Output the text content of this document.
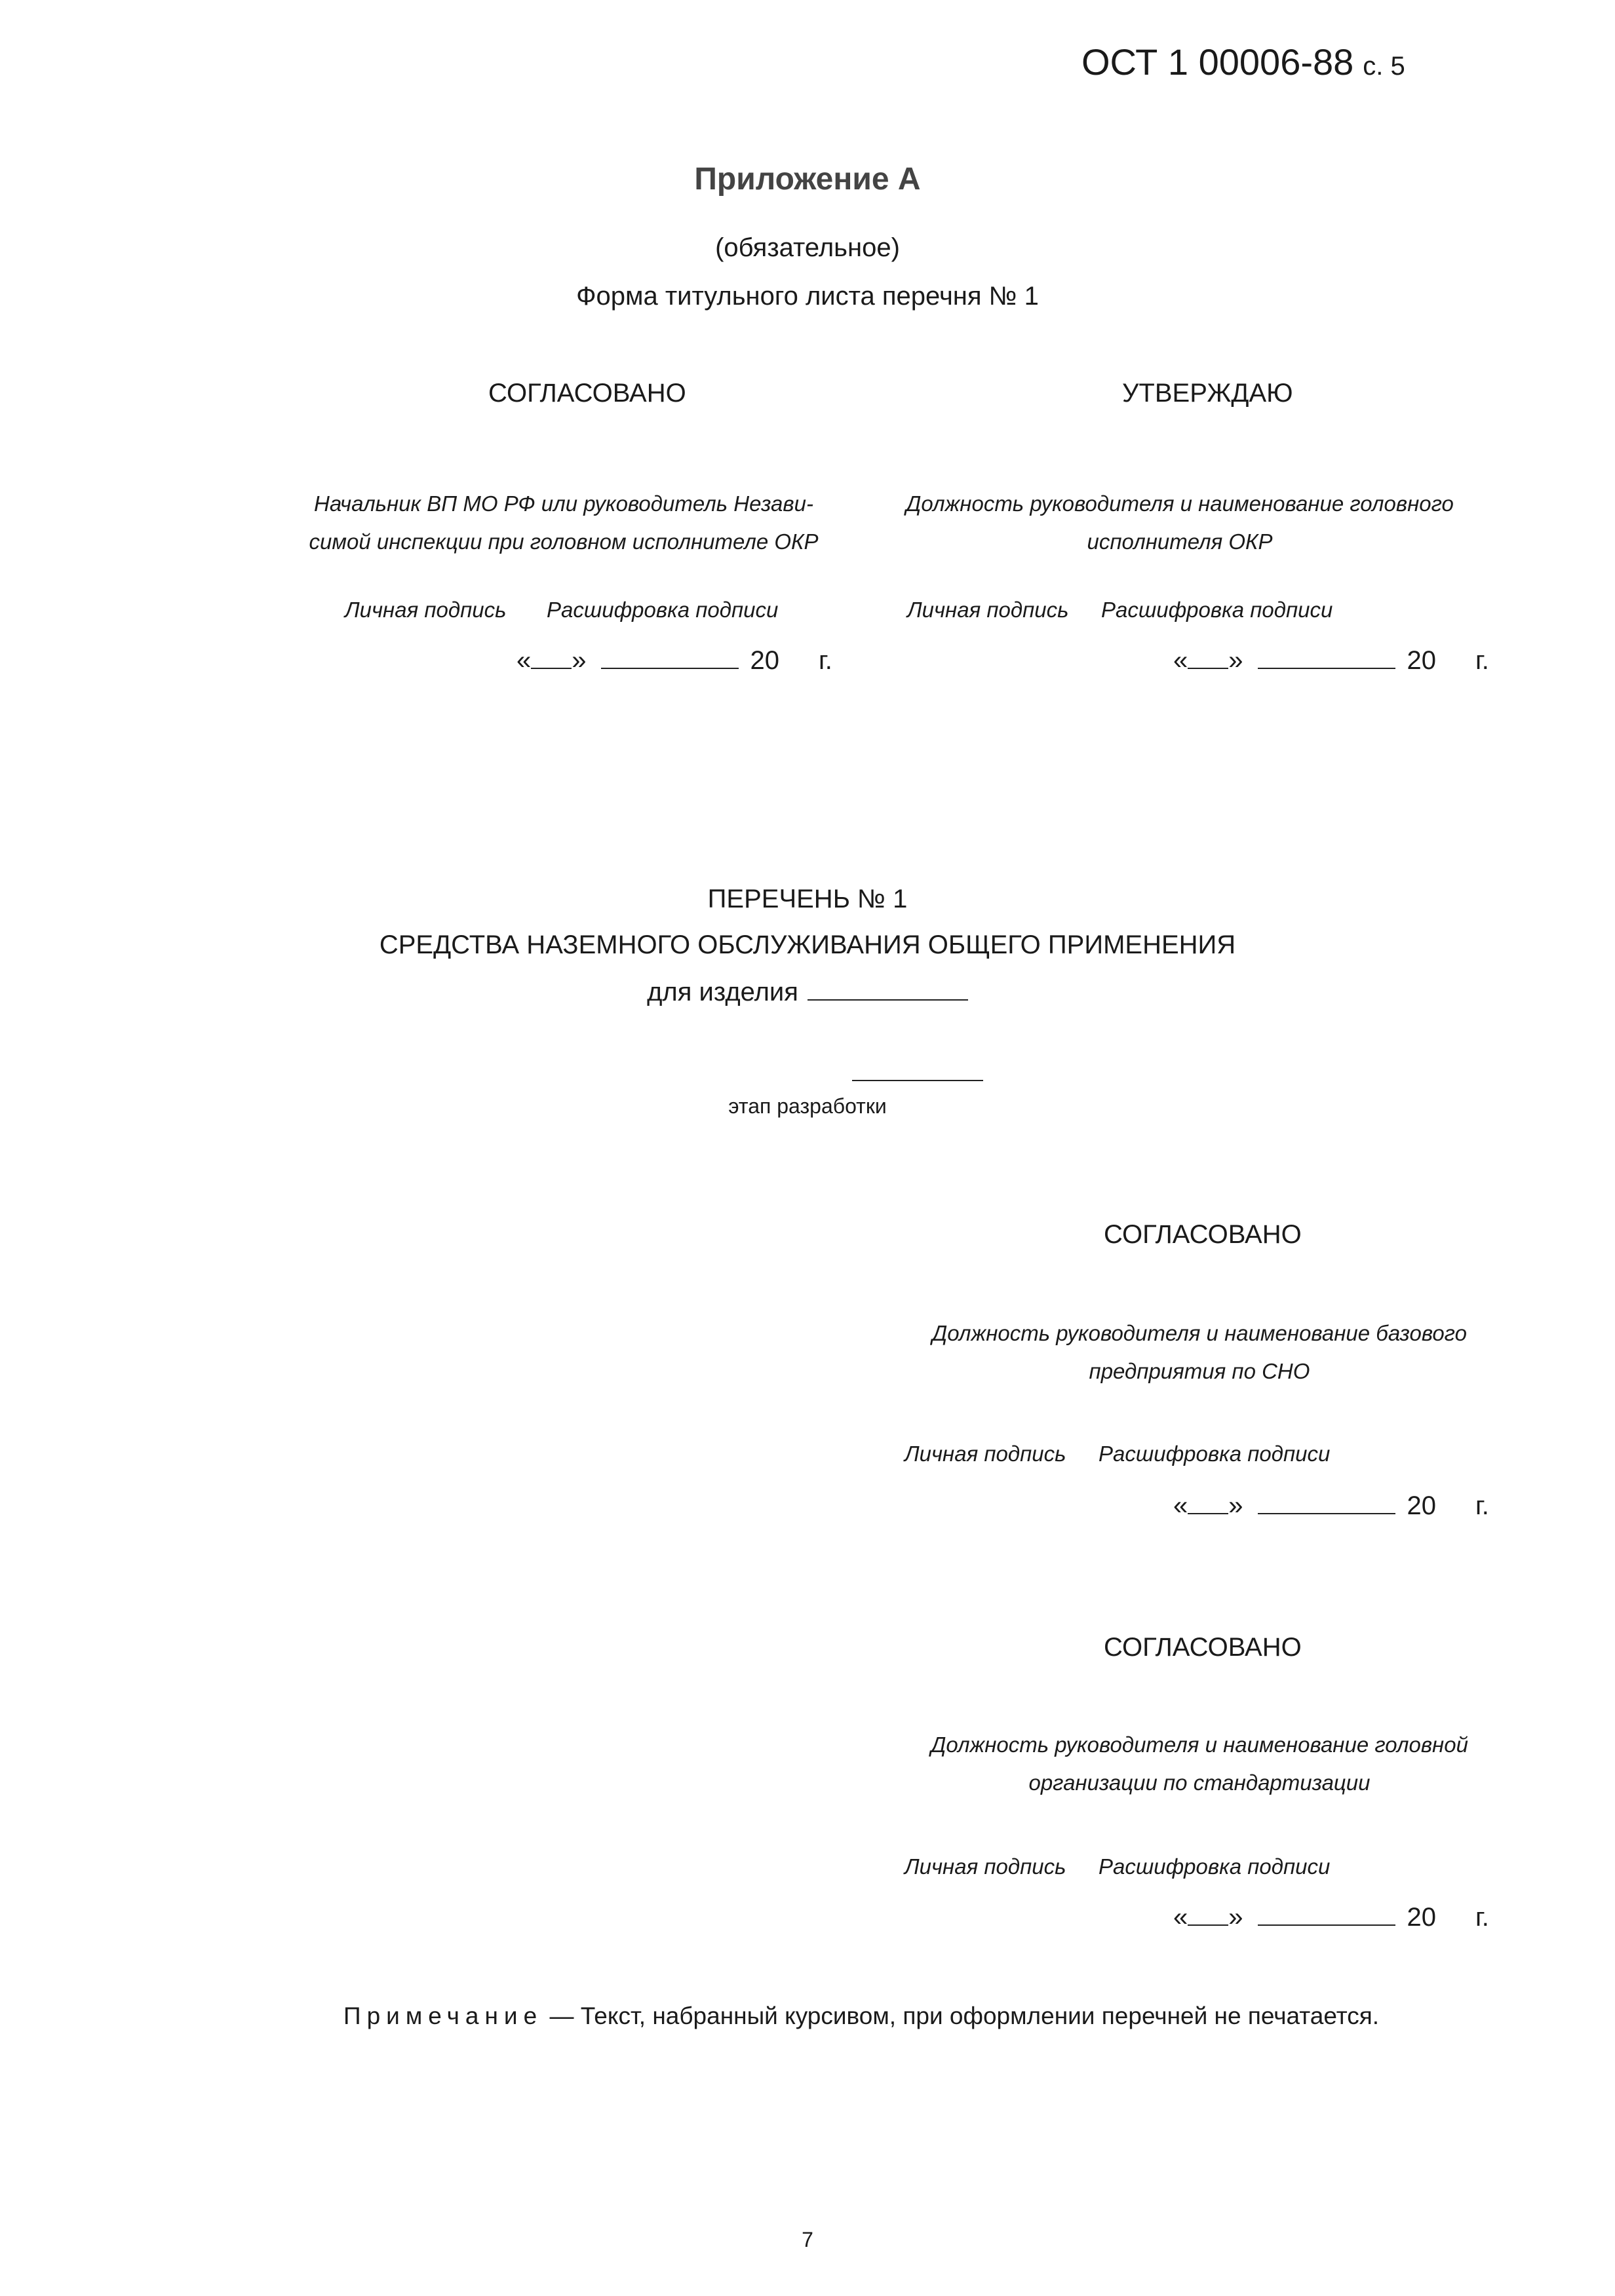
ОСТ 1 00006-88 с. 5
Приложение А
(обязательное)
Форма титульного листа перечня № 1
СОГЛАСОВАНО
Начальник ВП МО РФ или руководитель Незави-
симой инспекции при головном исполнителе ОКР
Личная подпись Расшифровка подписи
« »	20 г.
УТВЕРЖДАЮ
Должность руководителя и наименование головного
исполнителя ОКР
Личная подпись Расшифровка подписи
« »	20 г.
ПЕРЕЧЕНЬ № 1
СРЕДСТВА НАЗЕМНОГО ОБСЛУЖИВАНИЯ ОБЩЕГО ПРИМЕНЕНИЯ
для изделия
этап разработки
СОГЛАСОВАНО
Должность руководителя и наименование базового
предприятия по СНО
Личная подпись Расшифровка подписи
« »	20 г.
СОГЛАСОВАНО
Должность руководителя и наименование головной
организации по стандартизации
Личная подпись Расшифровка подписи
« »	20 г.
Примечание — Текст, набранный курсивом, при оформлении перечней не печатается.
7
